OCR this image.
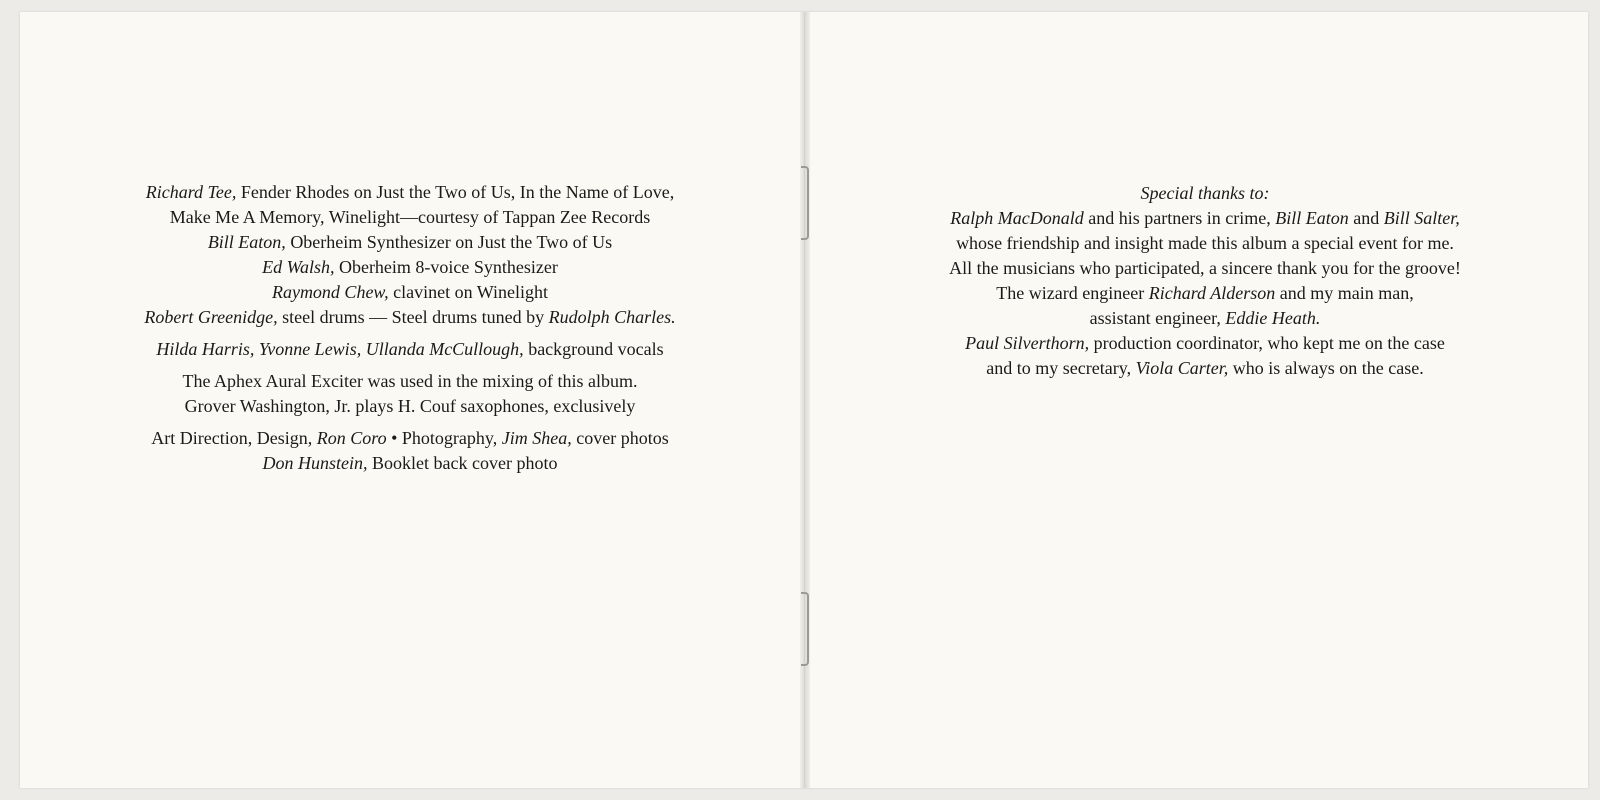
Richard Tee, Fender Rhodes on Just the Two of Us, In the Name of Love,
Make Me A Memory, Winelight—courtesy of Tappan Zee Records
Bill Eaton, Oberheim Synthesizer on Just the Two of Us
Ed Walsh, Oberheim 8-voice Synthesizer
Raymond Chew, clavinet on Winelight
Robert Greenidge, steel drums — Steel drums tuned by Rudolph Charles.
Hilda Harris, Yvonne Lewis, Ullanda McCullough, background vocals
The Aphex Aural Exciter was used in the mixing of this album.
Grover Washington, Jr. plays H. Couf saxophones, exclusively
Art Direction, Design, Ron Coro • Photography, Jim Shea, cover photos
Don Hunstein, Booklet back cover photo
Special thanks to:
Ralph MacDonald and his partners in crime, Bill Eaton and Bill Salter,
whose friendship and insight made this album a special event for me.
All the musicians who participated, a sincere thank you for the groove!
The wizard engineer Richard Alderson and my main man,
assistant engineer, Eddie Heath.
Paul Silverthorn, production coordinator, who kept me on the case
and to my secretary, Viola Carter, who is always on the case.
